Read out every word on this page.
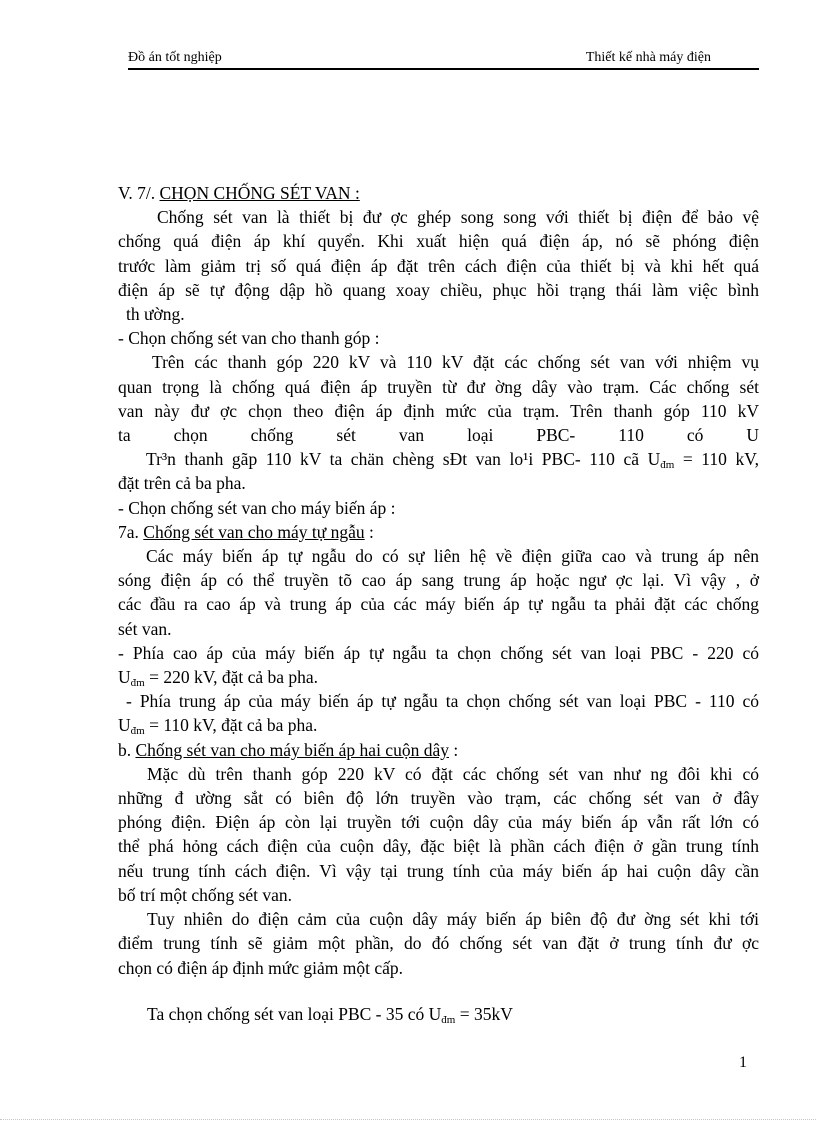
Đồ án tốt nghiệp	Thiết kế nhà máy điện

V. 7/. CHỌN CHỐNG SÉT VAN :

Chống sét van là thiết bị đư ợc ghép song song với thiết bị điện để bảo vệ

chống quá điện áp khí quyển. Khi xuất hiện quá điện áp, nó sẽ phóng điện

trước làm giảm trị số quá điện áp đặt trên cách điện của thiết bị và khi hết quá

điện áp sẽ tự động dập hồ quang xoay chiều, phục hồi trạng thái làm việc bình

th ường.

- Chọn chống sét van cho thanh góp :

Trên các thanh góp 220 kV và 110 kV đặt các chống sét van với nhiệm vụ

quan trọng là chống quá điện áp truyền từ đư ờng dây vào trạm. Các chống sét

van này đư ợc chọn theo điện áp định mức của trạm. Trên thanh góp 110 kV

ta        chọn        chống        sét        van        loại        PBC-        110        có        U

Tr³n thanh gãp 110 kV ta chän chèng sÐt van lo¹i PBC- 110 cã $U_{đm} = 110$ kV,

đặt trên cả ba pha.

- Chọn chống sét van cho máy biến áp :

7a. Chống sét van cho máy tự ngẫu :

Các máy biến áp tự ngẫu do có sự liên hệ về điện giữa cao và trung áp nên

sóng điện áp có thể truyền tõ cao áp sang trung áp hoặc ngư ợc lại. Vì vậy , ở

các đầu ra cao áp và trung áp của các máy biến áp tự ngẫu ta phải đặt các chống

sét van.

- Phía cao áp của máy biến áp tự ngẫu ta chọn chống sét van loại PBC - 220 có

$U_{đm} = 220$ kV, đặt cả ba pha.

- Phía trung áp của máy biến áp tự ngẫu ta chọn chống sét van loại PBC - 110 có

$U_{đm} = 110$ kV, đặt cả ba pha.

b. Chống sét van cho máy biến áp hai cuộn dây :

Mặc dù trên thanh góp 220 kV có đặt các chống sét van như ng đôi khi có

những đ ường sắt có biên độ lớn truyền vào trạm, các chống sét van ở đây

phóng điện. Điện áp còn lại truyền tới cuộn dây của máy biến áp vẫn rất lớn có

thể phá hỏng cách điện của cuộn dây, đặc biệt là phần cách điện ở gần trung tính

nếu trung tính cách điện. Vì vậy tại trung tính của máy biến áp hai cuộn dây cần

bố trí một chống sét van.

Tuy nhiên do điện cảm của cuộn dây máy biến áp biên độ đư ờng sét khi tới

điểm trung tính sẽ giảm một phần, do đó chống sét van đặt ở trung tính đư ợc

chọn có điện áp định mức giảm một cấp.

Ta chọn chống sét van loại PBC - 35 có $U_{đm} = 35kV$

1
